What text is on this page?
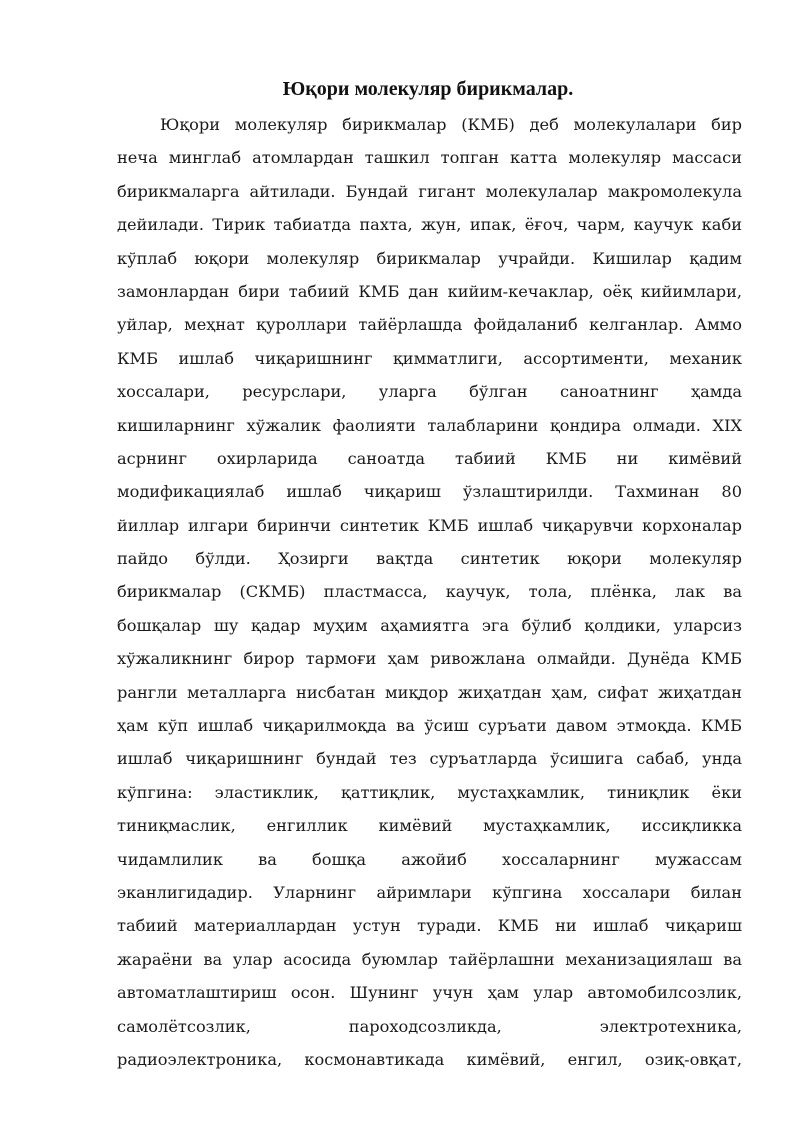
Юқори молекуляр бирикмалар.
Юқори молекуляр бирикмалар (КМБ) деб молекулалари бир
неча минглаб атомлардан ташкил топган катта молекуляр массаси
бирикмаларга айтилади. Бундай гигант молекулалар макромолекула
дейилади. Тирик табиатда пахта, жун, ипак, ёғоч, чарм, каучук каби
кўплаб юқори молекуляр бирикмалар учрайди. Кишилар қадим
замонлардан бири табиий КМБ дан кийим-кечаклар, оёқ кийимлари,
уйлар, меҳнат қуроллари тайёрлашда фойдаланиб келганлар. Аммо
КМБ ишлаб чиқаришнинг қимматлиги, ассортименти, механик
хоссалари, ресурслари, уларга бўлган саноатнинг ҳамда
кишиларнинг хўжалик фаолияти талабларини қондира олмади. XIX
асрнинг охирларида саноатда табиий КМБ ни кимёвий
модификациялаб ишлаб чиқариш ўзлаштирилди. Тахминан 80
йиллар илгари биринчи синтетик КМБ ишлаб чиқарувчи корхоналар
пайдо бўлди. Ҳозирги вақтда синтетик юқори молекуляр
бирикмалар (СКМБ) пластмасса, каучук, тола, плёнка, лак ва
бошқалар шу қадар муҳим аҳамиятга эга бўлиб қолдики, уларсиз
хўжаликнинг бирор тармоғи ҳам ривожлана олмайди. Дунёда КМБ
рангли металларга нисбатан миқдор жиҳатдан ҳам, сифат жиҳатдан
ҳам кўп ишлаб чиқарилмоқда ва ўсиш суръати давом этмоқда. КМБ
ишлаб чиқаришнинг бундай тез суръатларда ўсишига сабаб, унда
кўпгина: эластиклик, қаттиқлик, мустаҳкамлик, тиниқлик ёки
тиниқмаслик, енгиллик кимёвий мустаҳкамлик, иссиқликка
чидамлилик ва бошқа ажойиб хоссаларнинг мужассам
эканлигидадир. Уларнинг айримлари кўпгина хоссалари билан
табиий материаллардан устун туради. КМБ ни ишлаб чиқариш
жараёни ва улар асосида буюмлар тайёрлашни механизациялаш ва
автоматлаштириш осон. Шунинг учун ҳам улар автомобилсозлик,
самолётсозлик, пароходсозликда, электротехника,
радиоэлектроника, космонавтикада кимёвий, енгил, озиқ-овқат,
